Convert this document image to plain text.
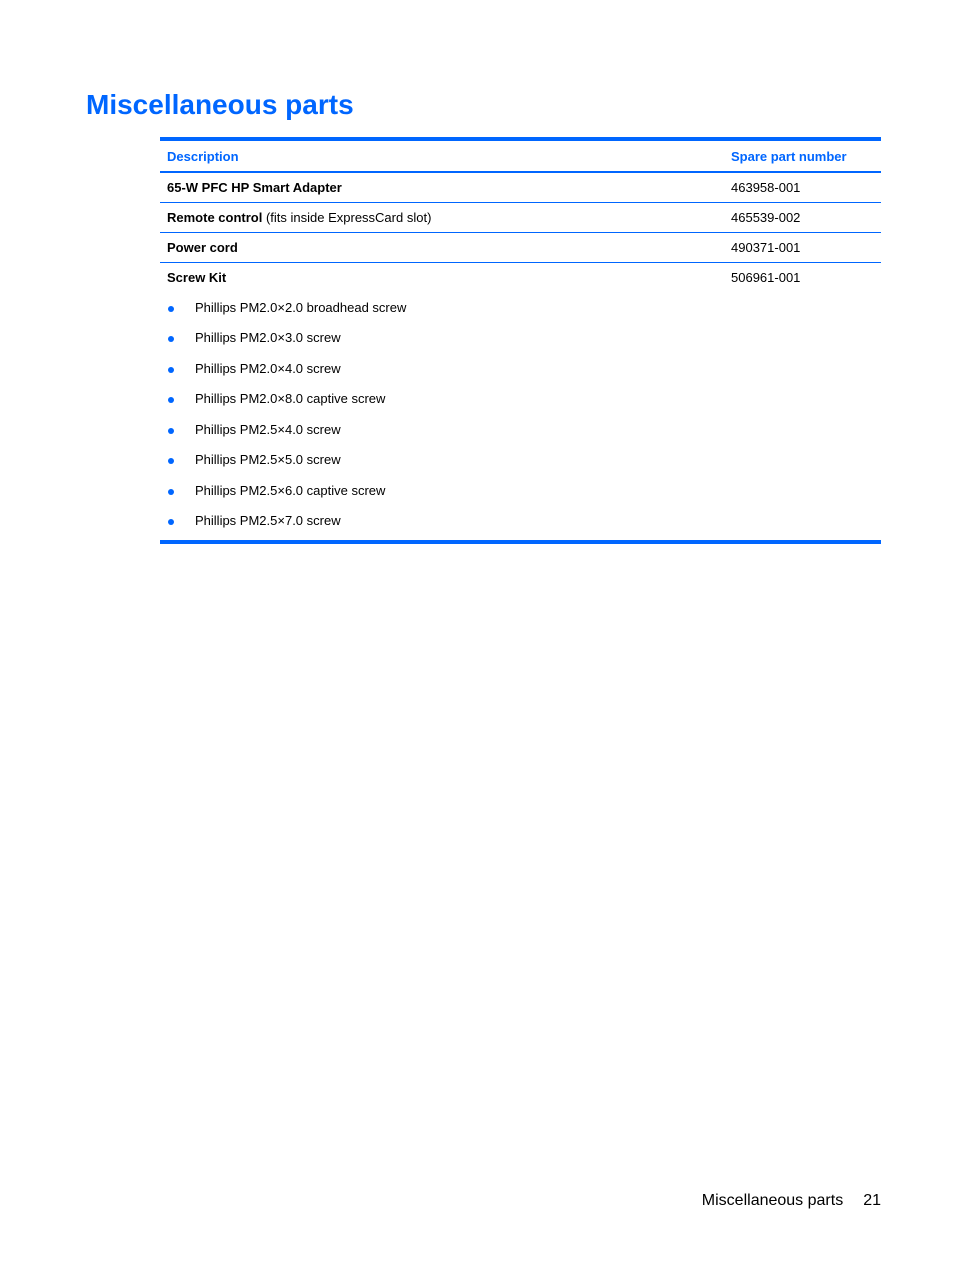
Miscellaneous parts
Description	Spare part number
65-W PFC HP Smart Adapter	463958-001
Remote control (fits inside ExpressCard slot)	465539-002
Power cord	490371-001
Screw Kit	506961-001
Phillips PM2.0×2.0 broadhead screw
Phillips PM2.0×3.0 screw
Phillips PM2.0×4.0 screw
Phillips PM2.0×8.0 captive screw
Phillips PM2.5×4.0 screw
Phillips PM2.5×5.0 screw
Phillips PM2.5×6.0 captive screw
Phillips PM2.5×7.0 screw
Miscellaneous parts 21
